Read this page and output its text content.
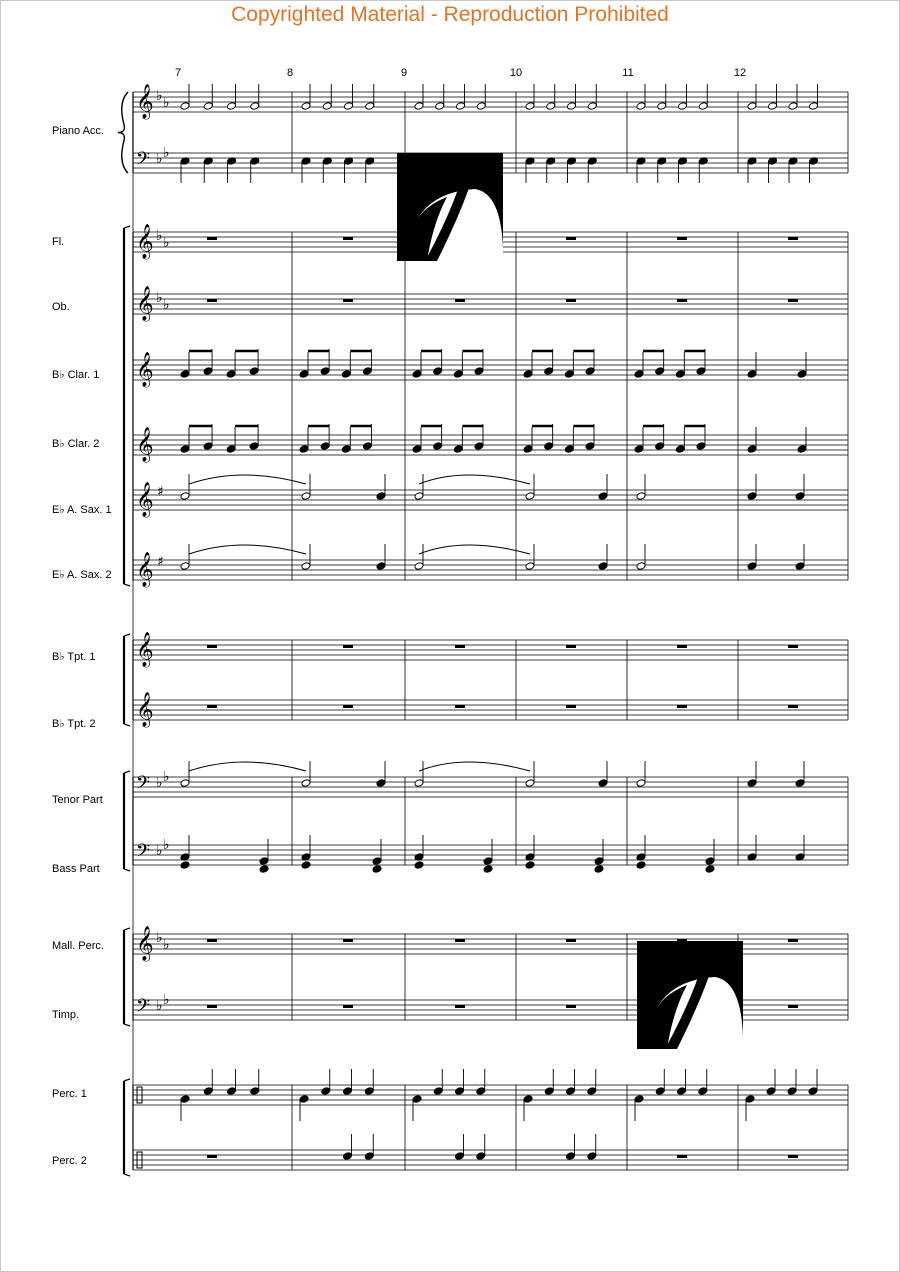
Copyrighted Material - Reproduction Prohibited
Piano Acc.
Fl.
Ob.
B♭ Clar. 1
B♭ Clar. 2
E♭ A. Sax. 1
E♭ A. Sax. 2
B♭ Tpt. 1
B♭ Tpt. 2
Tenor Part
Bass Part
Mall. Perc.
Timp.
Perc. 1
Perc. 2
7	8	9	10	11	12
𝄞 ♭ ♭
𝄢 ♭ ♭
𝄞 ♭ ♭
𝄞 ♭ ♭
𝄞
𝄞
𝄞 ♯
𝄞 ♯
𝄞
𝄞
𝄢 ♭ ♭
𝄢 ♭ ♭
𝄞 ♭ ♭
𝄢 ♭ ♭
